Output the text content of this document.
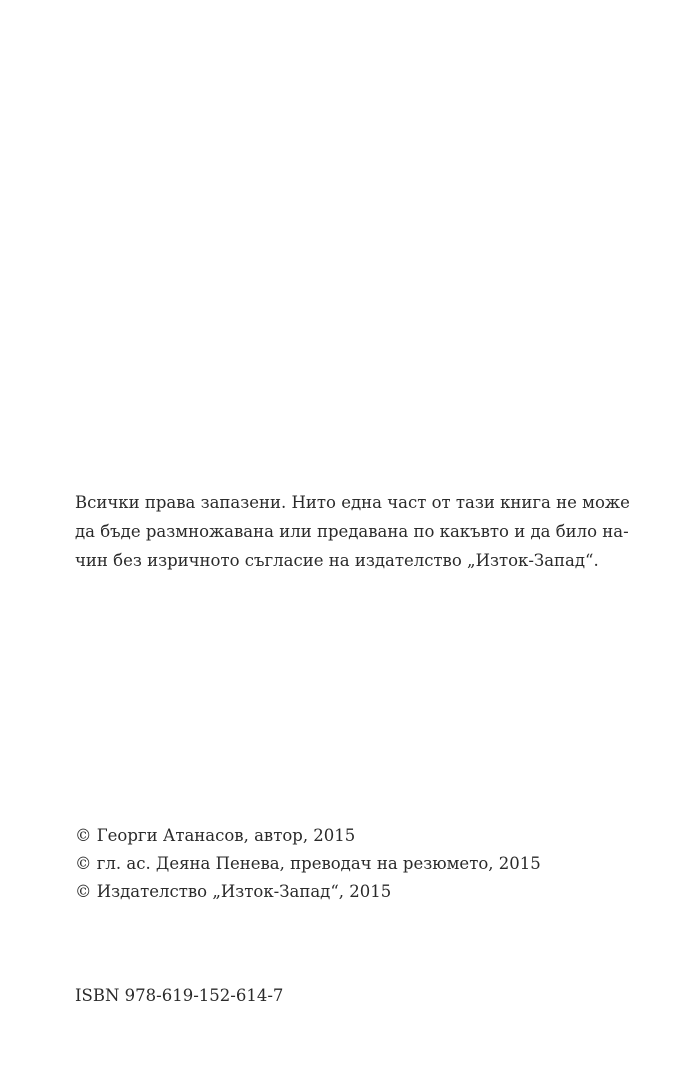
Всички права запазени. Нито една част от тази книга не може
да бъде размножавана или предавана по какъвто и да било на-
чин без изричното съгласие на издателство „Изток-Запад“.

© Георги Атанасов, автор, 2015
© гл. ас. Деяна Пенева, преводач на резюмето, 2015
© Издателство „Изток-Запад“, 2015

ISBN 978-619-152-614-7
